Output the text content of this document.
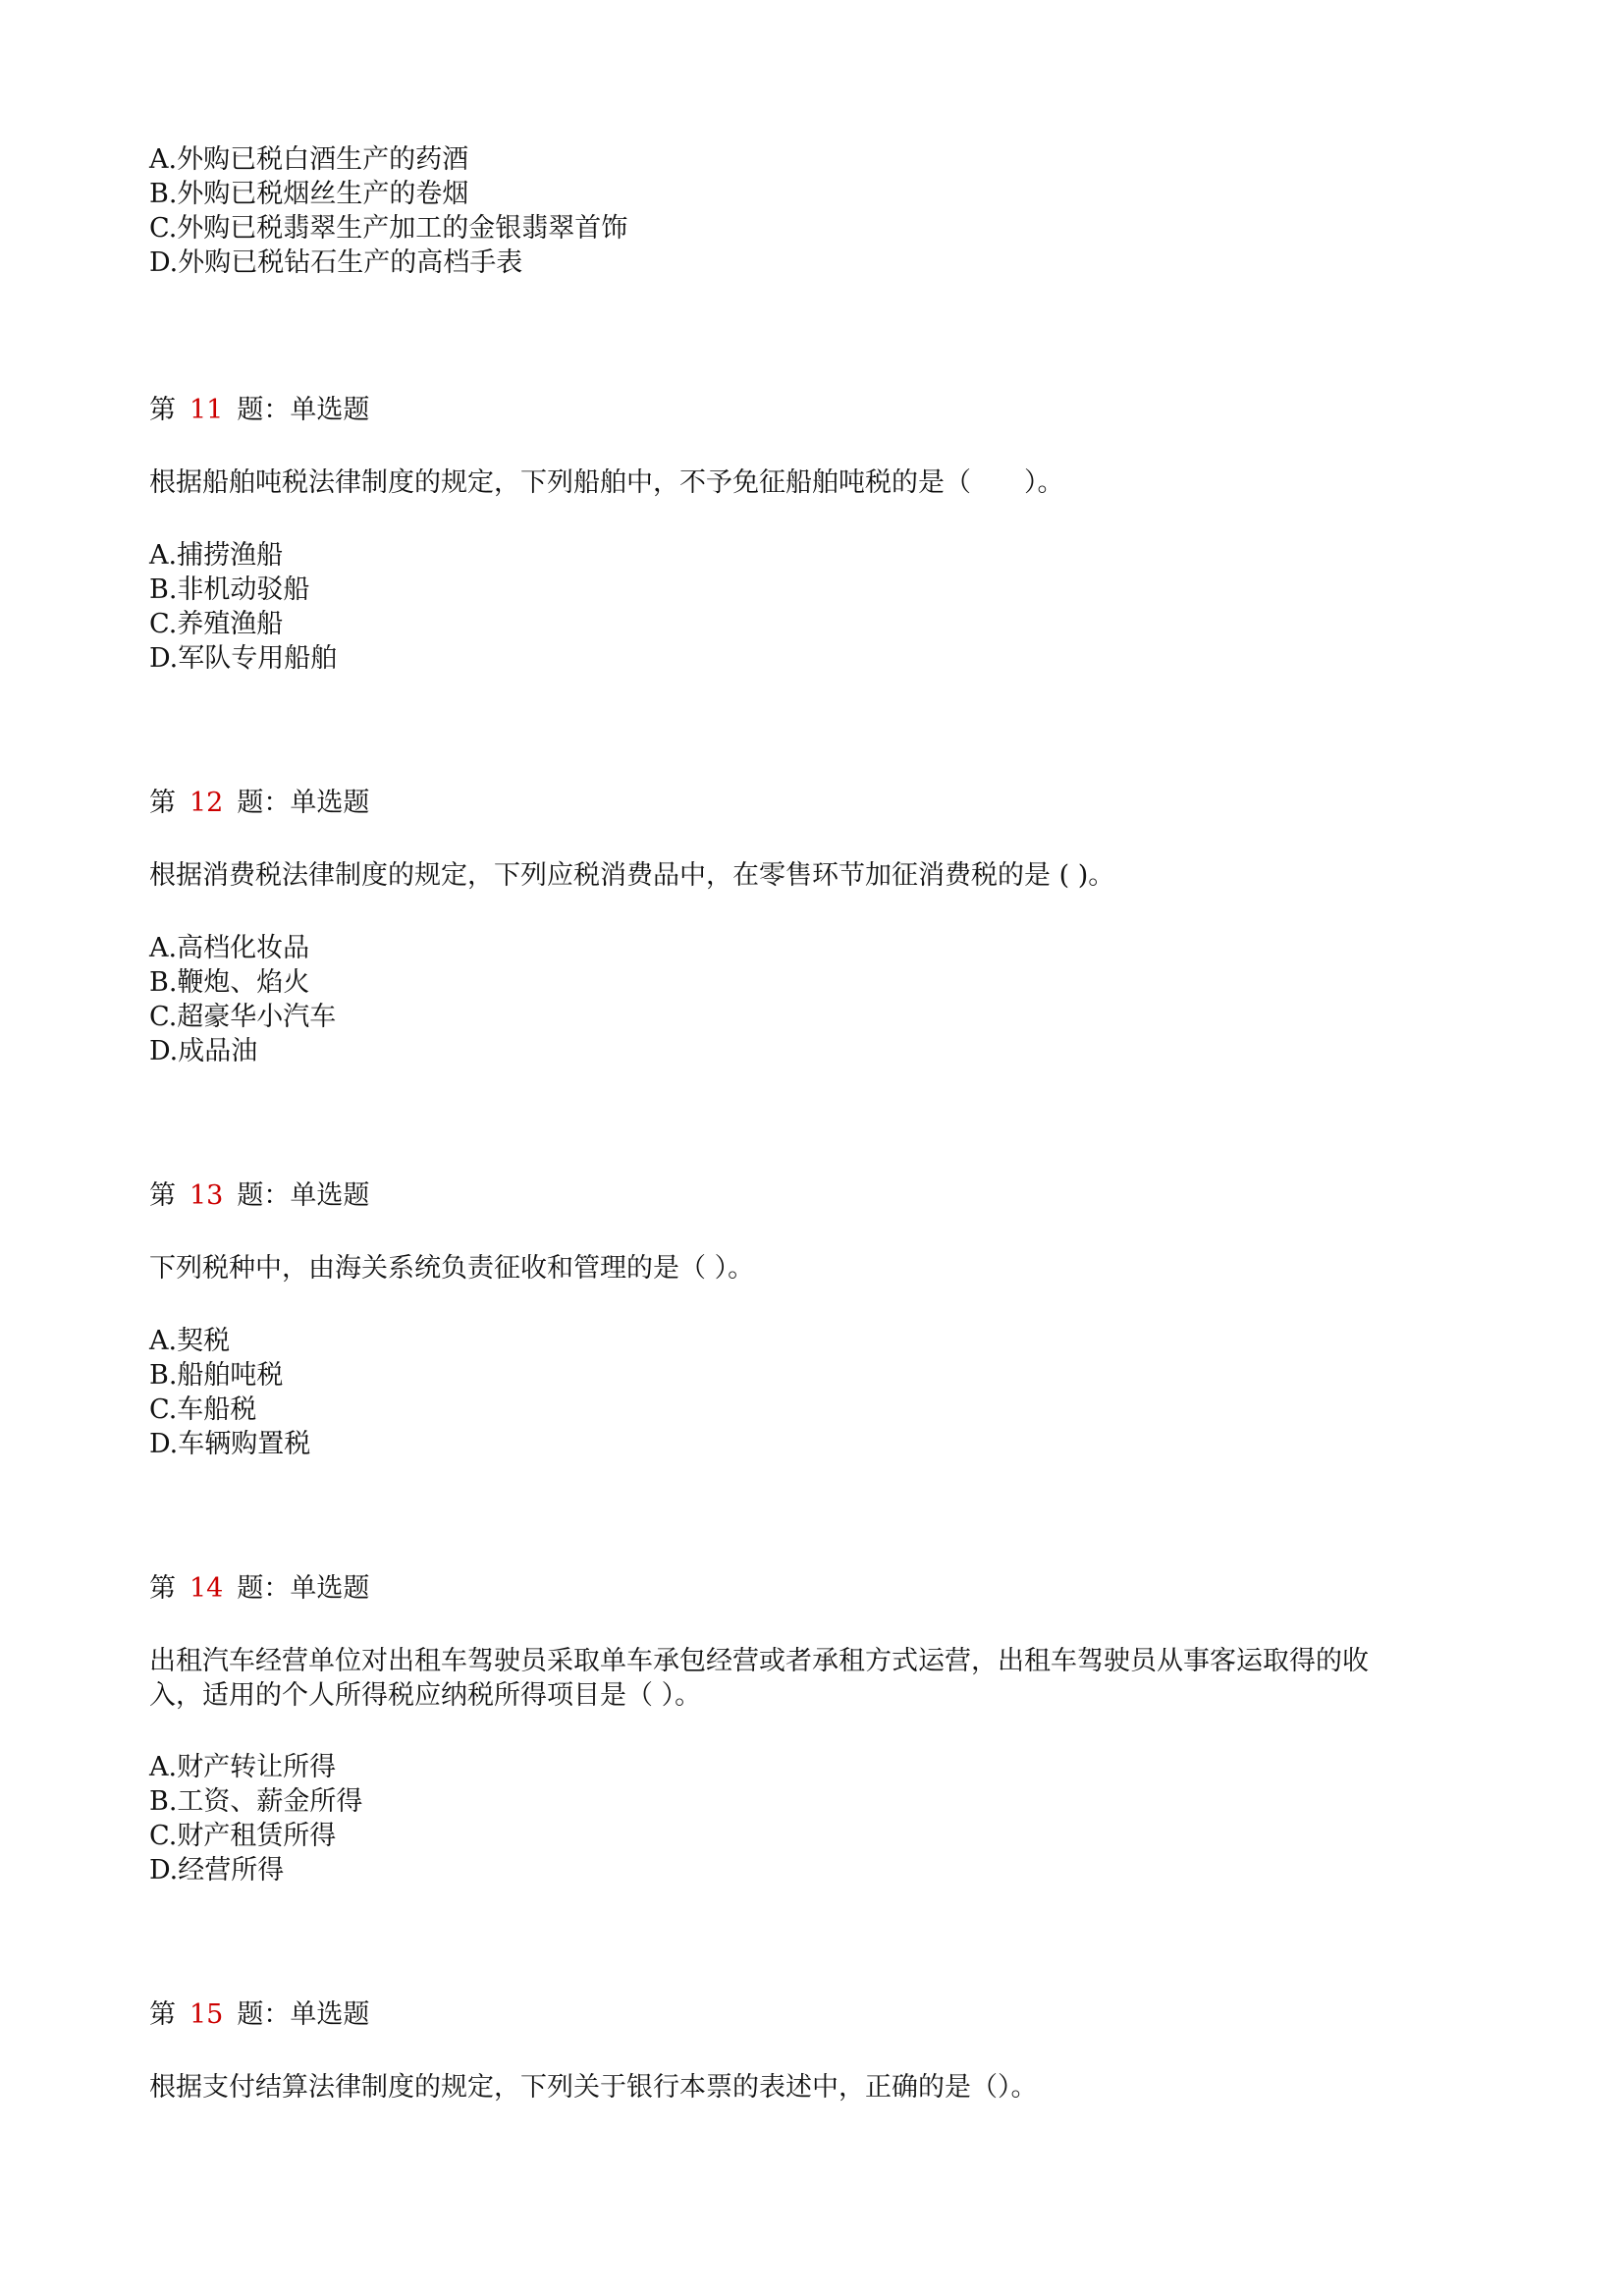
A.外购已税白酒生产的药酒
B.外购已税烟丝生产的卷烟
C.外购已税翡翠生产加工的金银翡翠首饰
D.外购已税钻石生产的高档手表
第 11 题：单选题
根据船舶吨税法律制度的规定，下列船舶中，不予免征船舶吨税的是（　　）。
A.捕捞渔船
B.非机动驳船
C.养殖渔船
D.军队专用船舶
第 12 题：单选题
根据消费税法律制度的规定，下列应税消费品中，在零售环节加征消费税的是 ( )。
A.高档化妆品
B.鞭炮、焰火
C.超豪华小汽车
D.成品油
第 13 题：单选题
下列税种中，由海关系统负责征收和管理的是（ ）。
A.契税
B.船舶吨税
C.车船税
D.车辆购置税
第 14 题：单选题
出租汽车经营单位对出租车驾驶员采取单车承包经营或者承租方式运营，出租车驾驶员从事客运取得的收
入，适用的个人所得税应纳税所得项目是（ ）。
A.财产转让所得
B.工资、薪金所得
C.财产租赁所得
D.经营所得
第 15 题：单选题
根据支付结算法律制度的规定，下列关于银行本票的表述中，正确的是（）。
